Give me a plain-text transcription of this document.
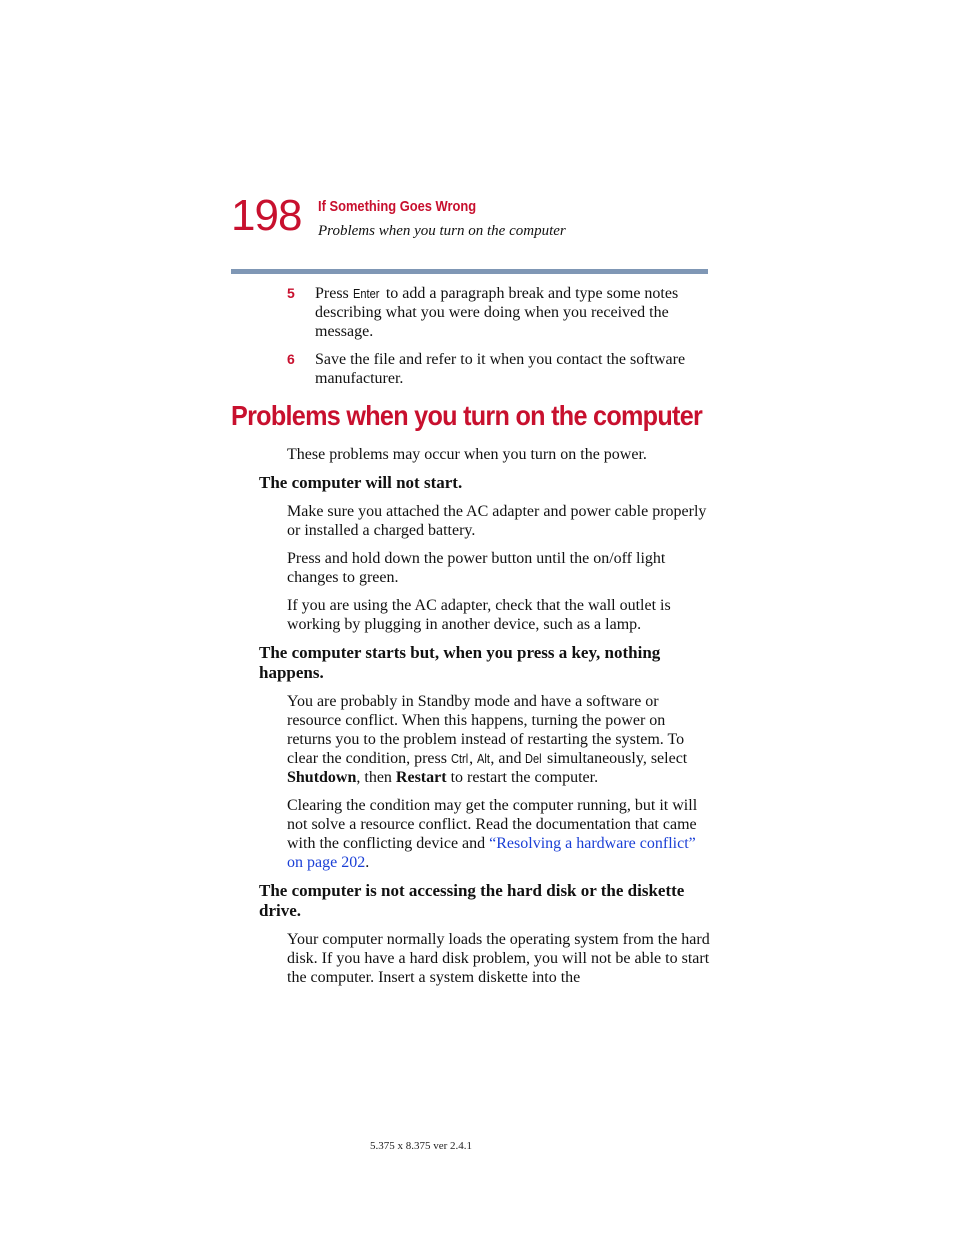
198 If Something Goes Wrong
Problems when you turn on the computer
5	Press Enter to add a paragraph break and type some notes describing what you were doing when you received the message.
6	Save the file and refer to it when you contact the software manufacturer.
Problems when you turn on the computer

These problems may occur when you turn on the power.

The computer will not start.

Make sure you attached the AC adapter and power cable properly or installed a charged battery.

Press and hold down the power button until the on/off light changes to green.

If you are using the AC adapter, check that the wall outlet is working by plugging in another device, such as a lamp.

The computer starts but, when you press a key, nothing happens.

You are probably in Standby mode and have a software or resource conflict. When this happens, turning the power on returns you to the problem instead of restarting the system. To clear the condition, press Ctrl, Alt, and Del simultaneously, select Shutdown, then Restart to restart the computer.

Clearing the condition may get the computer running, but it will not solve a resource conflict. Read the documentation that came with the conflicting device and “Resolving a hardware conflict” on page 202.

The computer is not accessing the hard disk or the diskette drive.

Your computer normally loads the operating system from the hard disk. If you have a hard disk problem, you will not be able to start the computer. Insert a system diskette into the

5.375 x 8.375 ver 2.4.1
